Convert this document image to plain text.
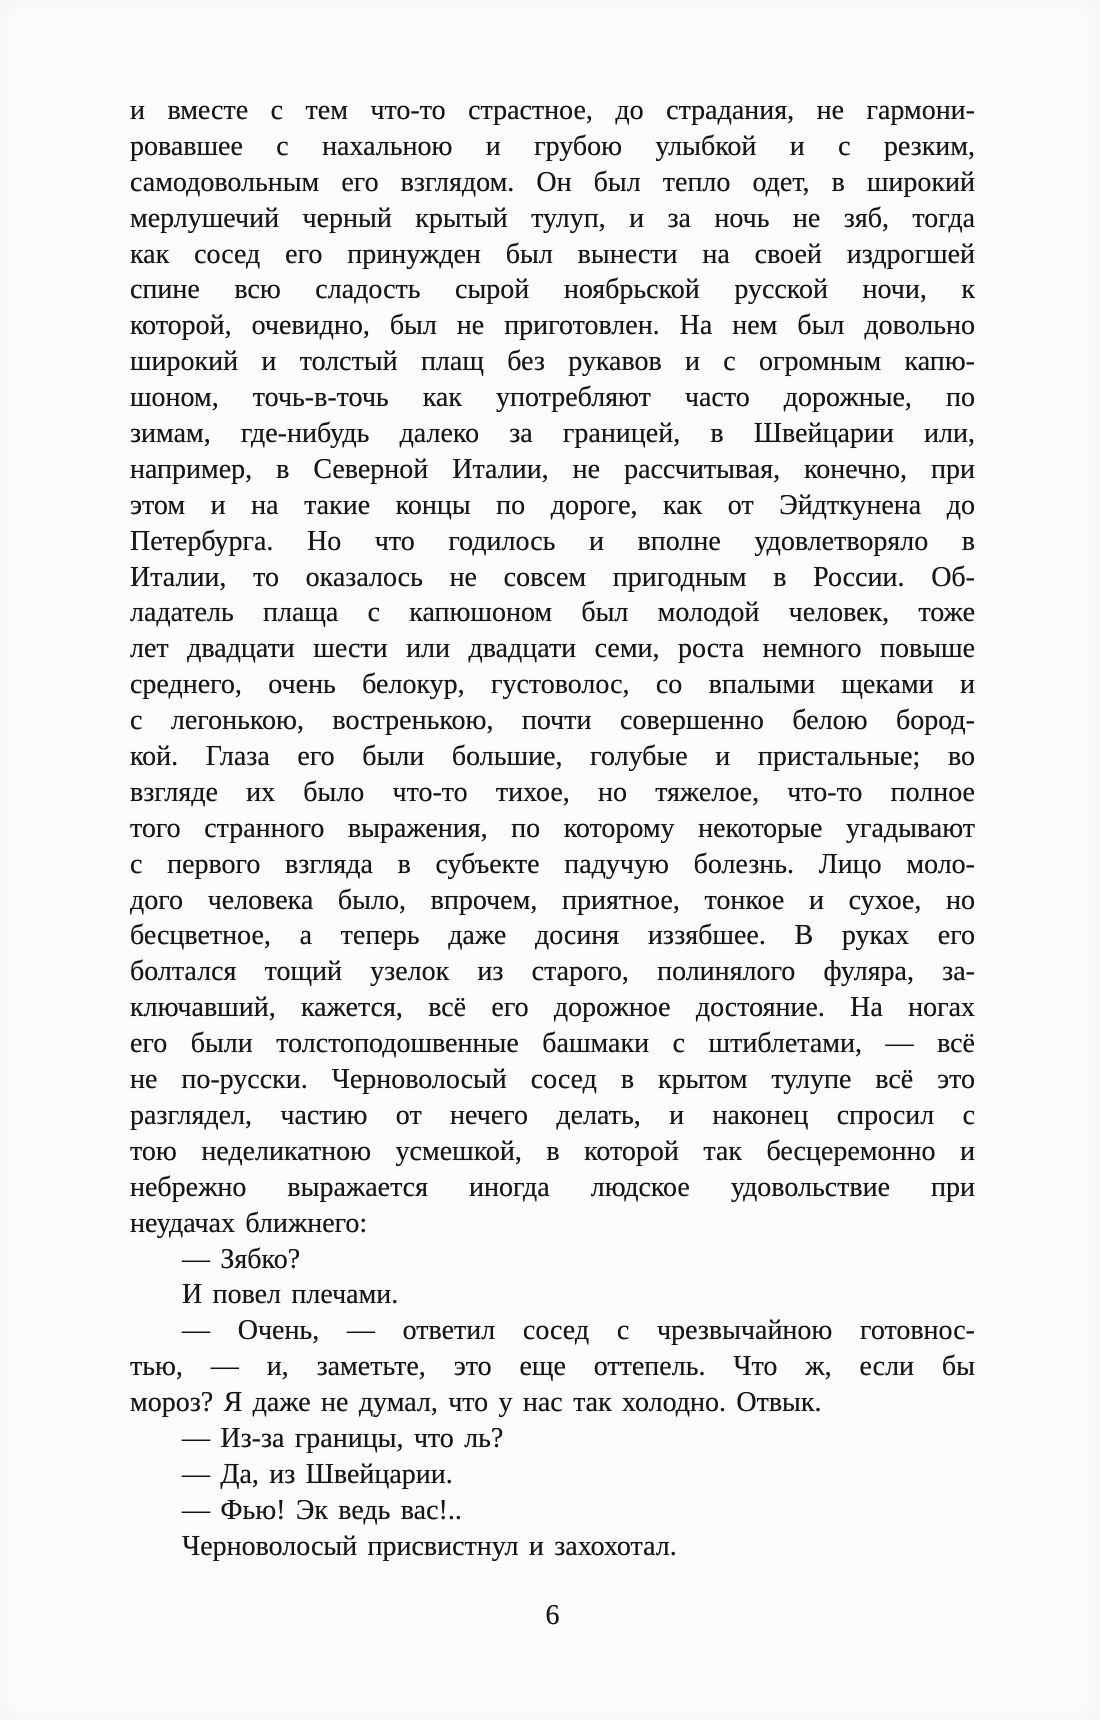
и вместе с тем что-то страстное, до страдания, не гармони-
ровавшее с нахальною и грубою улыбкой и с резким,
самодовольным его взглядом. Он был тепло одет, в широкий
мерлушечий черный крытый тулуп, и за ночь не зяб, тогда
как сосед его принужден был вынести на своей издрогшей
спине всю сладость сырой ноябрьской русской ночи, к
которой, очевидно, был не приготовлен. На нем был довольно
широкий и толстый плащ без рукавов и с огромным капю-
шоном, точь-в-точь как употребляют часто дорожные, по
зимам, где-нибудь далеко за границей, в Швейцарии или,
например, в Северной Италии, не рассчитывая, конечно, при
этом и на такие концы по дороге, как от Эйдткунена до
Петербурга. Но что годилось и вполне удовлетворяло в
Италии, то оказалось не совсем пригодным в России. Об-
ладатель плаща с капюшоном был молодой человек, тоже
лет двадцати шести или двадцати семи, роста немного повыше
среднего, очень белокур, густоволос, со впалыми щеками и
с легонькою, востренькою, почти совершенно белою бород-
кой. Глаза его были большие, голубые и пристальные; во
взгляде их было что-то тихое, но тяжелое, что-то полное
того странного выражения, по которому некоторые угадывают
с первого взгляда в субъекте падучую болезнь. Лицо моло-
дого человека было, впрочем, приятное, тонкое и сухое, но
бесцветное, а теперь даже досиня иззябшее. В руках его
болтался тощий узелок из старого, полинялого фуляра, за-
ключавший, кажется, всё его дорожное достояние. На ногах
его были толстоподошвенные башмаки с штиблетами, — всё
не по-русски. Черноволосый сосед в крытом тулупе всё это
разглядел, частию от нечего делать, и наконец спросил с
тою неделикатною усмешкой, в которой так бесцеремонно и
небрежно выражается иногда людское удовольствие при
неудачах ближнего:
— Зябко?
И повел плечами.
— Очень, — ответил сосед с чрезвычайною готовнос-
тью, — и, заметьте, это еще оттепель. Что ж, если бы
мороз? Я даже не думал, что у нас так холодно. Отвык.
— Из-за границы, что ль?
— Да, из Швейцарии.
— Фью! Эк ведь вас!..
Черноволосый присвистнул и захохотал.
6
